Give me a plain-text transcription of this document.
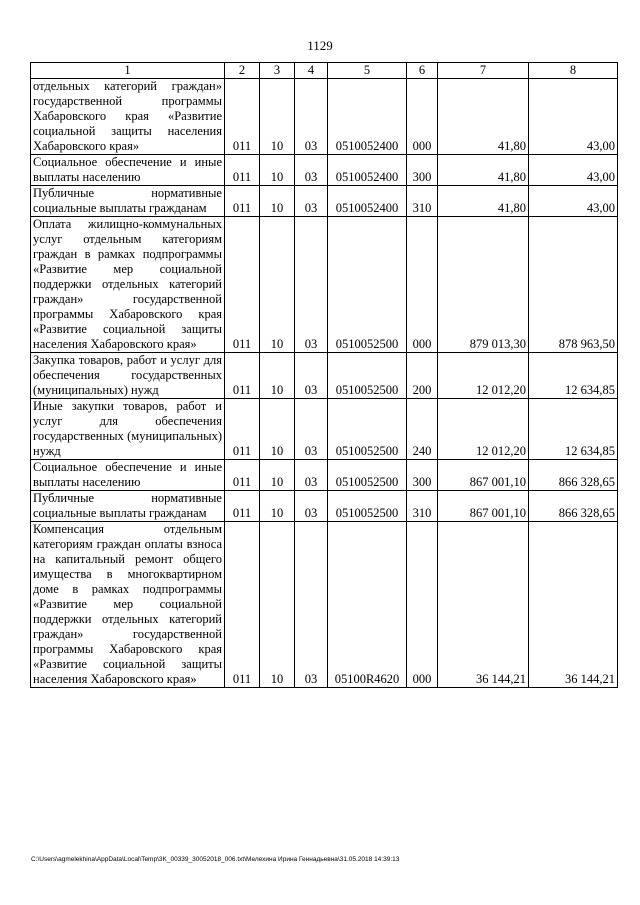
1129
1	2	3	4	5	6	7	8
отдельных категорий граждан» государственной программы Хабаровского края «Развитие социальной защиты населения Хабаровского края»	011	10	03	0510052400	000	41,80	43,00
Социальное обеспечение и иные выплаты населению	011	10	03	0510052400	300	41,80	43,00
Публичные нормативные социальные выплаты гражданам	011	10	03	0510052400	310	41,80	43,00
Оплата жилищно-коммунальных услуг отдельным категориям граждан в рамках подпрограммы «Развитие мер социальной поддержки отдельных категорий граждан» государственной программы Хабаровского края «Развитие социальной защиты населения Хабаровского края»	011	10	03	0510052500	000	879 013,30	878 963,50
Закупка товаров, работ и услуг для обеспечения государственных (муниципальных) нужд	011	10	03	0510052500	200	12 012,20	12 634,85
Иные закупки товаров, работ и услуг для обеспечения государственных (муниципальных) нужд	011	10	03	0510052500	240	12 012,20	12 634,85
Социальное обеспечение и иные выплаты населению	011	10	03	0510052500	300	867 001,10	866 328,65
Публичные нормативные социальные выплаты гражданам	011	10	03	0510052500	310	867 001,10	866 328,65
Компенсация отдельным категориям граждан оплаты взноса на капитальный ремонт общего имущества в многоквартирном доме в рамках подпрограммы «Развитие мер социальной поддержки отдельных категорий граждан» государственной программы Хабаровского края «Развитие социальной защиты населения Хабаровского края»	011	10	03	05100R4620	000	36 144,21	36 144,21
C:\Users\agmelekhina\AppData\Local\Temp\3K_00339_30052018_006.txt\Мелехина Ирина Геннадьевна\31.05.2018 14:39:13
